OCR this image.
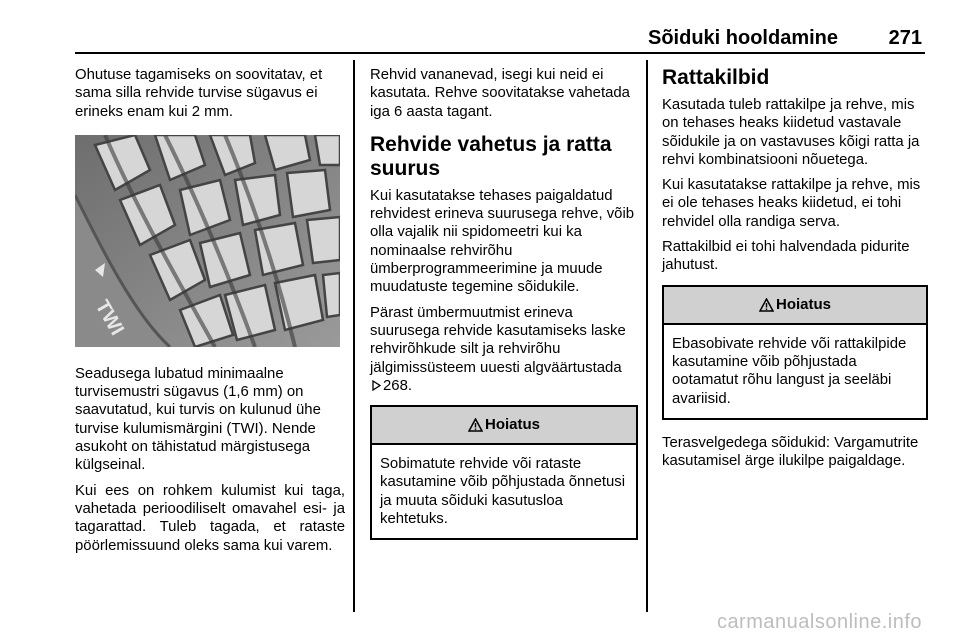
Sõiduki hooldamine	271

Ohutuse tagamiseks on soovitatav, et sama silla rehvide turvise sügavus ei erineks enam kui 2 mm.

TWI

Seadusega lubatud minimaalne turvisemustri sügavus (1,6 mm) on saavutatud, kui turvis on kulunud ühe turvise kulumismärgini (TWI). Nende asukoht on tähistatud märgistusega külgseinal.

Kui ees on rohkem kulumist kui taga, vahetada perioodiliselt omavahel esi- ja tagarattad. Tuleb tagada, et rataste pöörlemissuund oleks sama kui varem.

Rehvid vananevad, isegi kui neid ei kasutata. Rehve soovitatakse vahetada iga 6 aasta tagant.

Rehvide vahetus ja ratta suurus

Kui kasutatakse tehases paigaldatud rehvidest erineva suurusega rehve, võib olla vajalik nii spidomeetri kui ka nominaalse rehvirõhu ümberprogrammeerimine ja muude muudatuste tegemine sõidukile.

Pärast ümbermuutmist erineva suurusega rehvide kasutamiseks laske rehvirõhkude silt ja rehvirõhu jälgimissüsteem uuesti algväärtustada 268.

Hoiatus
Sobimatute rehvide või rataste kasutamine võib põhjustada õnnetusi ja muuta sõiduki kasutusloa kehtetuks.
Rattakilbid

Kasutada tuleb rattakilpe ja rehve, mis on tehases heaks kiidetud vastavale sõidukile ja on vastavuses kõigi ratta ja rehvi kombinatsiooni nõuetega.

Kui kasutatakse rattakilpe ja rehve, mis ei ole tehases heaks kiidetud, ei tohi rehvidel olla randiga serva.

Rattakilbid ei tohi halvendada pidurite jahutust.

Hoiatus
Ebasobivate rehvide või rattakilpide kasutamine võib põhjustada ootamatut rõhu langust ja seeläbi avariisid.

Terasvelgedega sõidukid: Vargamutrite kasutamisel ärge ilukilpe paigaldage.

carmanualsonline.info
